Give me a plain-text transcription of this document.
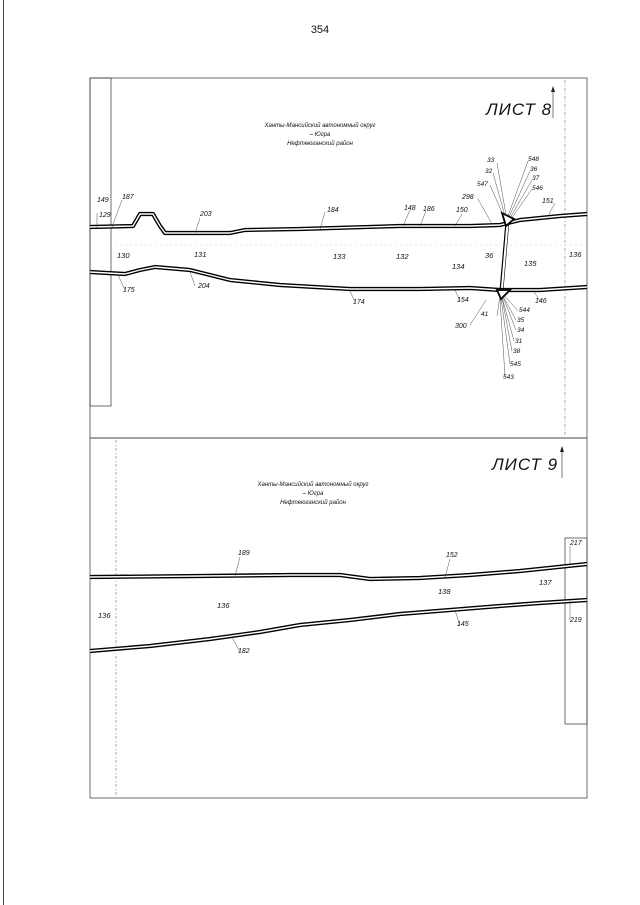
354
ЛИСТ 8
Ханты-Мансийский автономный округ
– Югра
Нефтеюганский район
149
129
187
203
184	148 186	150
298
151
175
204
174	154
300
146
130	131	133	132
134
36
135
136
33
32
547
548
36
37
546
41
544
35
34
31
38
545
543
ЛИСТ 9
Ханты-Мансийский автономный округ
– Югра
Нефтеюганский район
189	152
217
145
182
219
136
136
138
137
